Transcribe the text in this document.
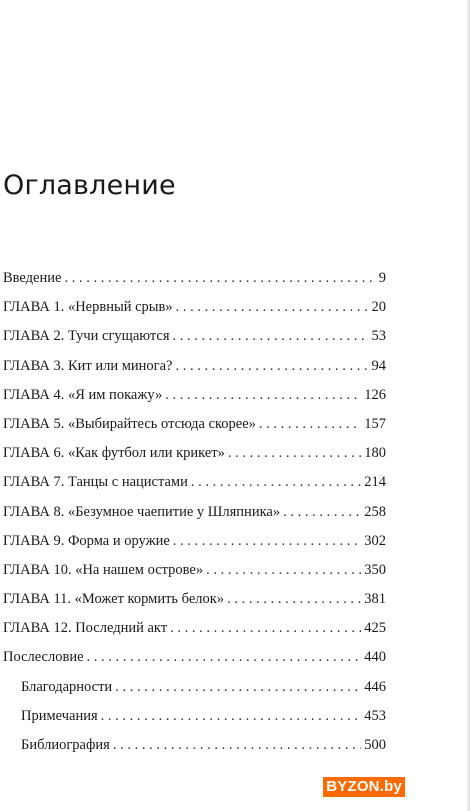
Оглавление
Введение . . .	9
ГЛАВА 1. «Нервный срыв» . . .	20
ГЛАВА 2. Тучи сгущаются . . .	53
ГЛАВА 3. Кит или минога? . . .	94
ГЛАВА 4. «Я им покажу» . . .	126
ГЛАВА 5. «Выбирайтесь отсюда скорее» . . .	157
ГЛАВА 6. «Как футбол или крикет» . . .	180
ГЛАВА 7. Танцы с нацистами . . .	214
ГЛАВА 8. «Безумное чаепитие у Шляпника» . . .	258
ГЛАВА 9. Форма и оружие . . .	302
ГЛАВА 10. «На нашем острове» . . .	350
ГЛАВА 11. «Может кормить белок» . . .	381
ГЛАВА 12. Последний акт . . .	425
Послесловие . . .	440
Благодарности . . .	446
Примечания . . .	453
Библиография . . .	500
BYZON.by
